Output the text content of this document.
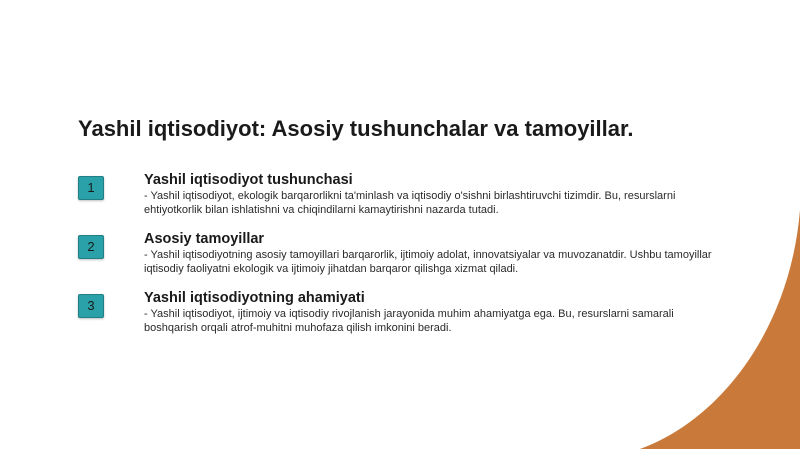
Yashil iqtisodiyot: Asosiy tushunchalar va tamoyillar.
1	Yashil iqtisodiyot tushunchasi
- Yashil iqtisodiyot, ekologik barqarorlikni ta'minlash va iqtisodiy o'sishni birlashtiruvchi tizimdir. Bu, resurslarni ehtiyotkorlik bilan ishlatishni va chiqindilarni kamaytirishni nazarda tutadi.
2	Asosiy tamoyillar
- Yashil iqtisodiyotning asosiy tamoyillari barqarorlik, ijtimoiy adolat, innovatsiyalar va muvozanatdir. Ushbu tamoyillar iqtisodiy faoliyatni ekologik va ijtimoiy jihatdan barqaror qilishga xizmat qiladi.
3	Yashil iqtisodiyotning ahamiyati
- Yashil iqtisodiyot, ijtimoiy va iqtisodiy rivojlanish jarayonida muhim ahamiyatga ega. Bu, resurslarni samarali boshqarish orqali atrof-muhitni muhofaza qilish imkonini beradi.
